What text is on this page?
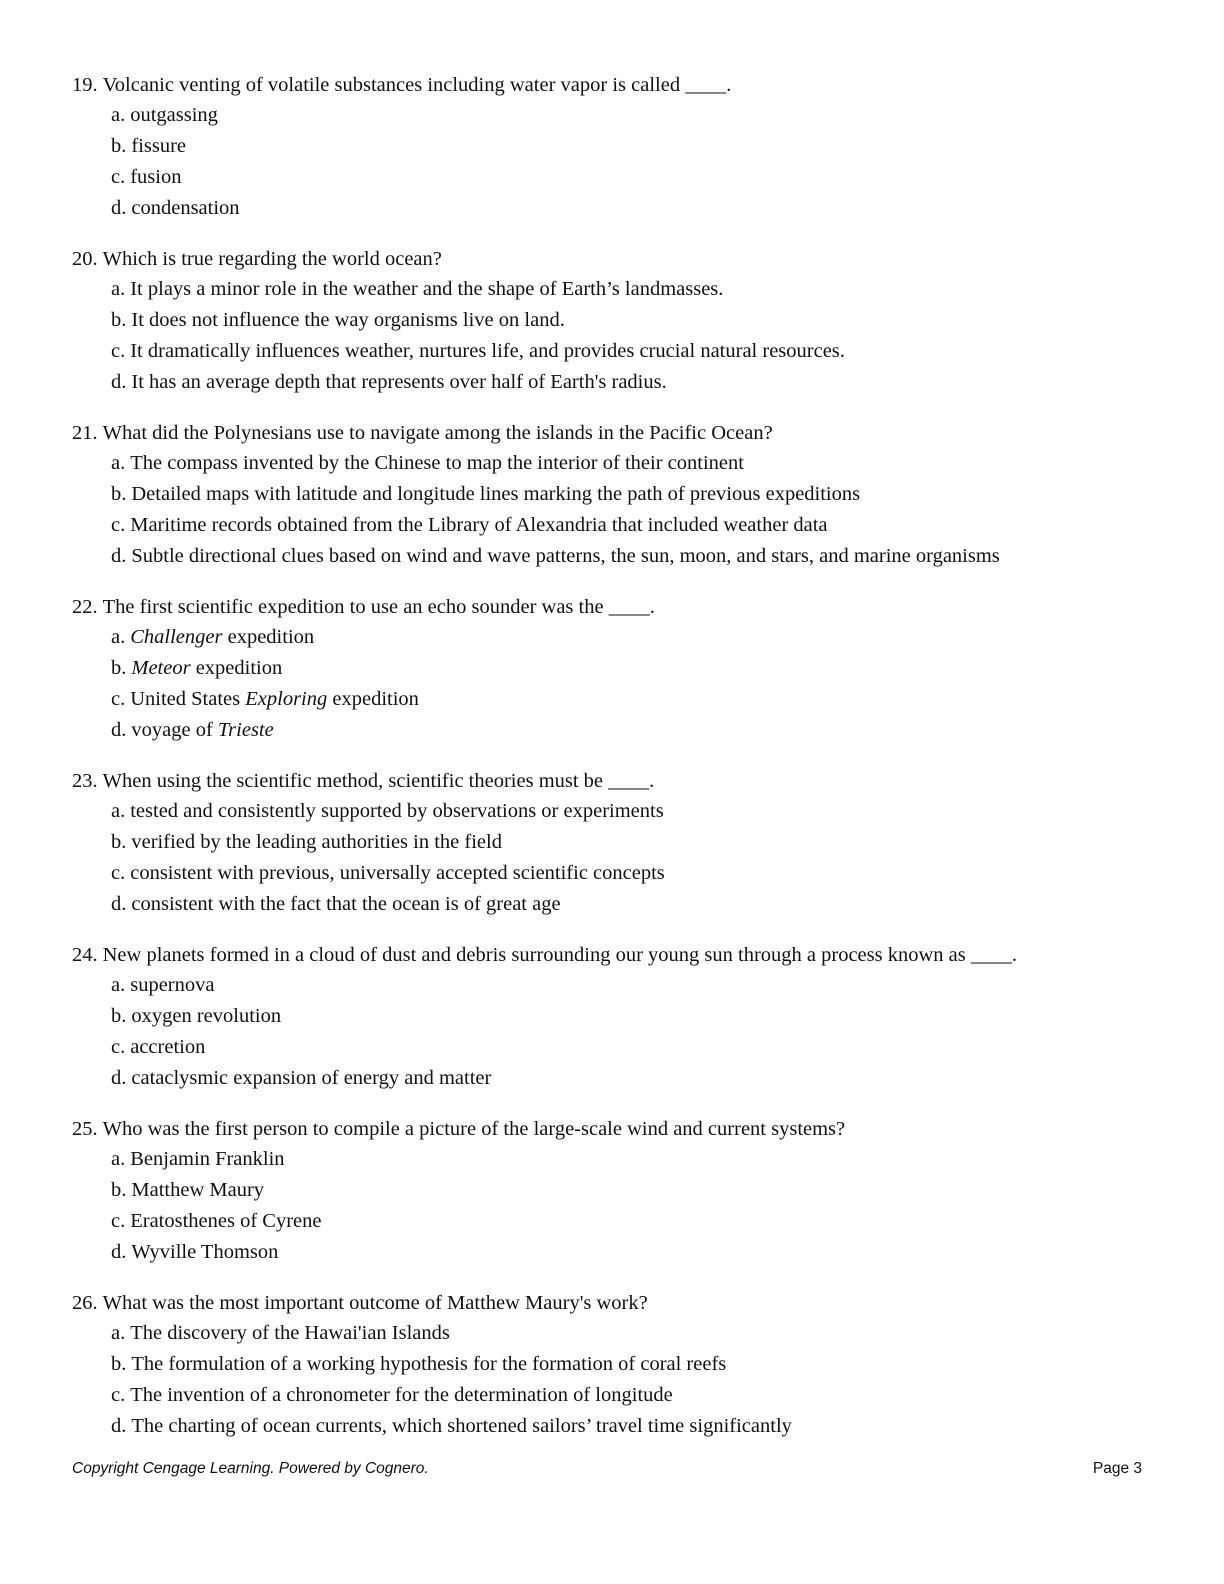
19. Volcanic venting of volatile substances including water vapor is called ____.
a. outgassing
b. fissure
c. fusion
d. condensation
20. Which is true regarding the world ocean?
a. It plays a minor role in the weather and the shape of Earth’s landmasses.
b. It does not influence the way organisms live on land.
c. It dramatically influences weather, nurtures life, and provides crucial natural resources.
d. It has an average depth that represents over half of Earth's radius.
21. What did the Polynesians use to navigate among the islands in the Pacific Ocean?
a. The compass invented by the Chinese to map the interior of their continent
b. Detailed maps with latitude and longitude lines marking the path of previous expeditions
c. Maritime records obtained from the Library of Alexandria that included weather data
d. Subtle directional clues based on wind and wave patterns, the sun, moon, and stars, and marine organisms
22. The first scientific expedition to use an echo sounder was the ____.
a. Challenger expedition
b. Meteor expedition
c. United States Exploring expedition
d. voyage of Trieste
23. When using the scientific method, scientific theories must be ____.
a. tested and consistently supported by observations or experiments
b. verified by the leading authorities in the field
c. consistent with previous, universally accepted scientific concepts
d. consistent with the fact that the ocean is of great age
24. New planets formed in a cloud of dust and debris surrounding our young sun through a process known as ____.
a. supernova
b. oxygen revolution
c. accretion
d. cataclysmic expansion of energy and matter
25. Who was the first person to compile a picture of the large-scale wind and current systems?
a. Benjamin Franklin
b. Matthew Maury
c. Eratosthenes of Cyrene
d. Wyville Thomson
26. What was the most important outcome of Matthew Maury's work?
a. The discovery of the Hawai'ian Islands
b. The formulation of a working hypothesis for the formation of coral reefs
c. The invention of a chronometer for the determination of longitude
d. The charting of ocean currents, which shortened sailors’ travel time significantly
Copyright Cengage Learning. Powered by Cognero.	Page 3
